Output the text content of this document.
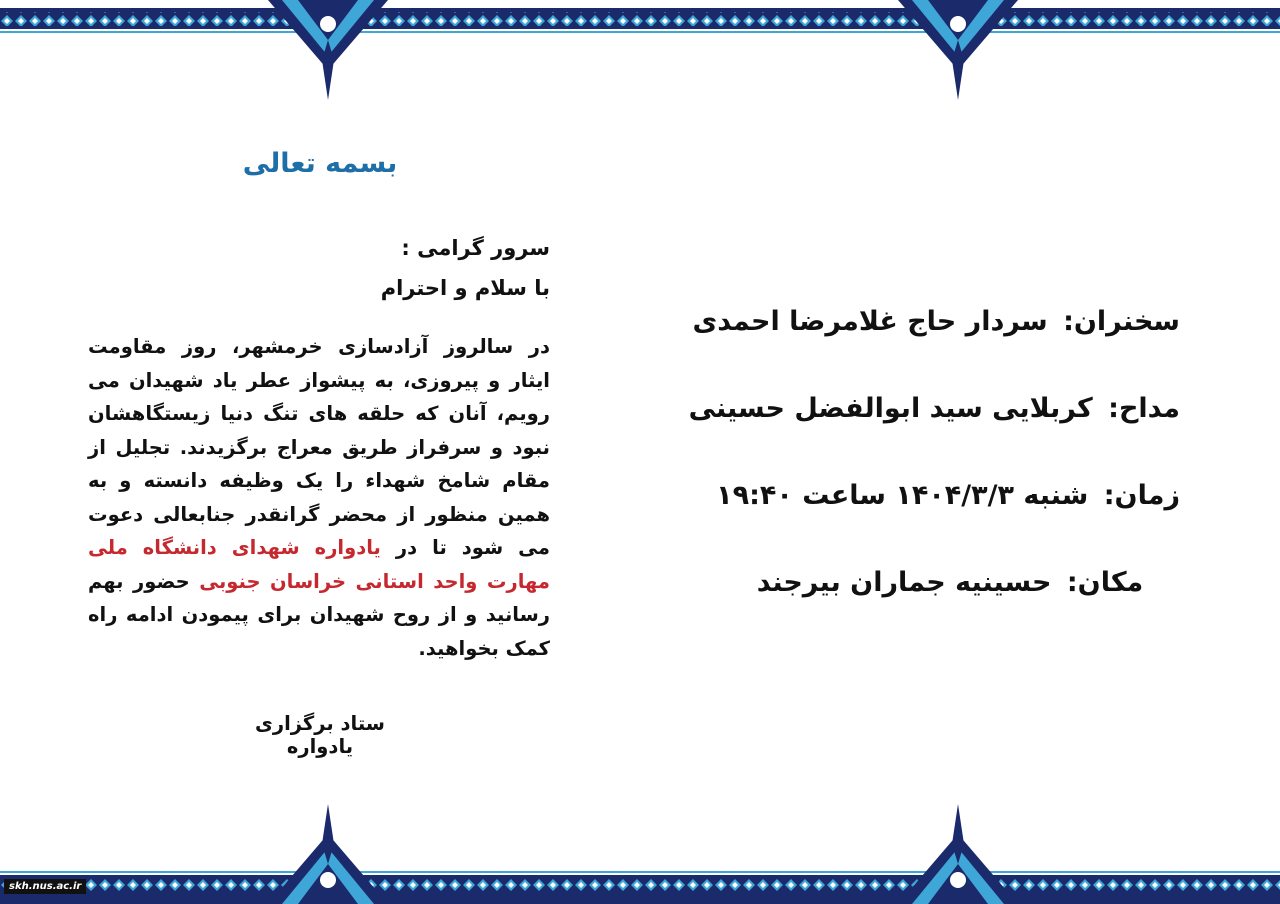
بسمه تعالی
سرور گرامی :
با سلام و احترام
در سالروز آزادسازی خرمشهر، روز مقاومت ایثار و پیروزی، به پیشواز عطر یاد شهیدان می رویم، آنان که حلقه های تنگ دنیا زیستگاهشان نبود و سرفراز طریق معراج برگزیدند. تجلیل از مقام شامخ شهداء را یک وظیفه دانسته و به همین منظور از محضر گرانقدر جنابعالی دعوت می شود تا در یادواره شهدای دانشگاه ملی مهارت واحد استانی خراسان جنوبی حضور بهم رسانید و از روح شهیدان برای پیمودن ادامه راه کمک بخواهید.
ستاد برگزاری یادواره
سخنران: سردار حاج غلامرضا احمدی
مداح: کربلایی سید ابوالفضل حسینی
زمان: شنبه ۱۴۰۴/۳/۳ ساعت ۱۹:۴۰
مکان: حسینیه جماران بیرجند
skh.nus.ac.ir
